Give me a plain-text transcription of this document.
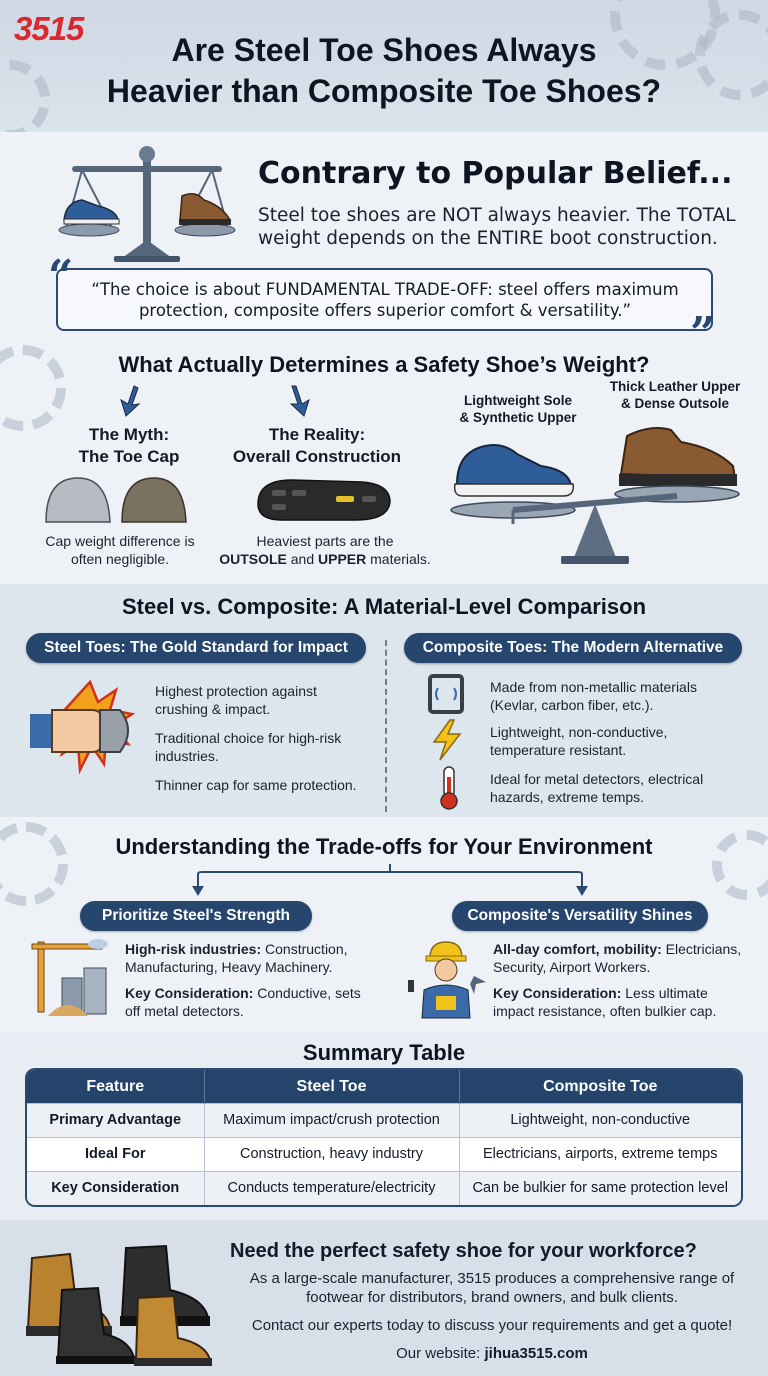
3515
Are Steel Toe Shoes Always
Heavier than Composite Toe Shoes?
Contrary to Popular Belief...
Steel toe shoes are NOT always heavier. The TOTAL
weight depends on the ENTIRE boot construction.
“
”
“The choice is about FUNDAMENTAL TRADE-OFF: steel offers maximum
protection, composite offers superior comfort & versatility.”
What Actually Determines a Safety Shoe’s Weight?
The Myth:
The Toe Cap
Cap weight difference is
often negligible.
The Reality:
Overall Construction
Heaviest parts are the
OUTSOLE and UPPER materials.
Lightweight Sole
& Synthetic Upper
Thick Leather Upper
& Dense Outsole
Steel vs. Composite: A Material-Level Comparison
Steel Toes: The Gold Standard for Impact	Composite Toes: The Modern Alternative
Highest protection against
crushing & impact.
Traditional choice for high-risk
industries.
Thinner cap for same protection.
Made from non-metallic materials
(Kevlar, carbon fiber, etc.).
Lightweight, non-conductive,
temperature resistant.
Ideal for metal detectors, electrical
hazards, extreme temps.
Understanding the Trade-offs for Your Environment
Prioritize Steel's Strength	Composite's Versatility Shines
High-risk industries: Construction,
Manufacturing, Heavy Machinery.
Key Consideration: Conductive, sets
off metal detectors.
All-day comfort, mobility: Electricians,
Security, Airport Workers.
Key Consideration: Less ultimate
impact resistance, often bulkier cap.
Summary Table
Feature	Steel Toe	Composite Toe
Primary Advantage	Maximum impact/crush protection	Lightweight, non-conductive
Ideal For	Construction, heavy industry	Electricians, airports, extreme temps
Key Consideration	Conducts temperature/electricity	Can be bulkier for same protection level
Need the perfect safety shoe for your workforce?
As a large-scale manufacturer, 3515 produces a comprehensive range of
footwear for distributors, brand owners, and bulk clients.
Contact our experts today to discuss your requirements and get a quote!
Our website: jihua3515.com
